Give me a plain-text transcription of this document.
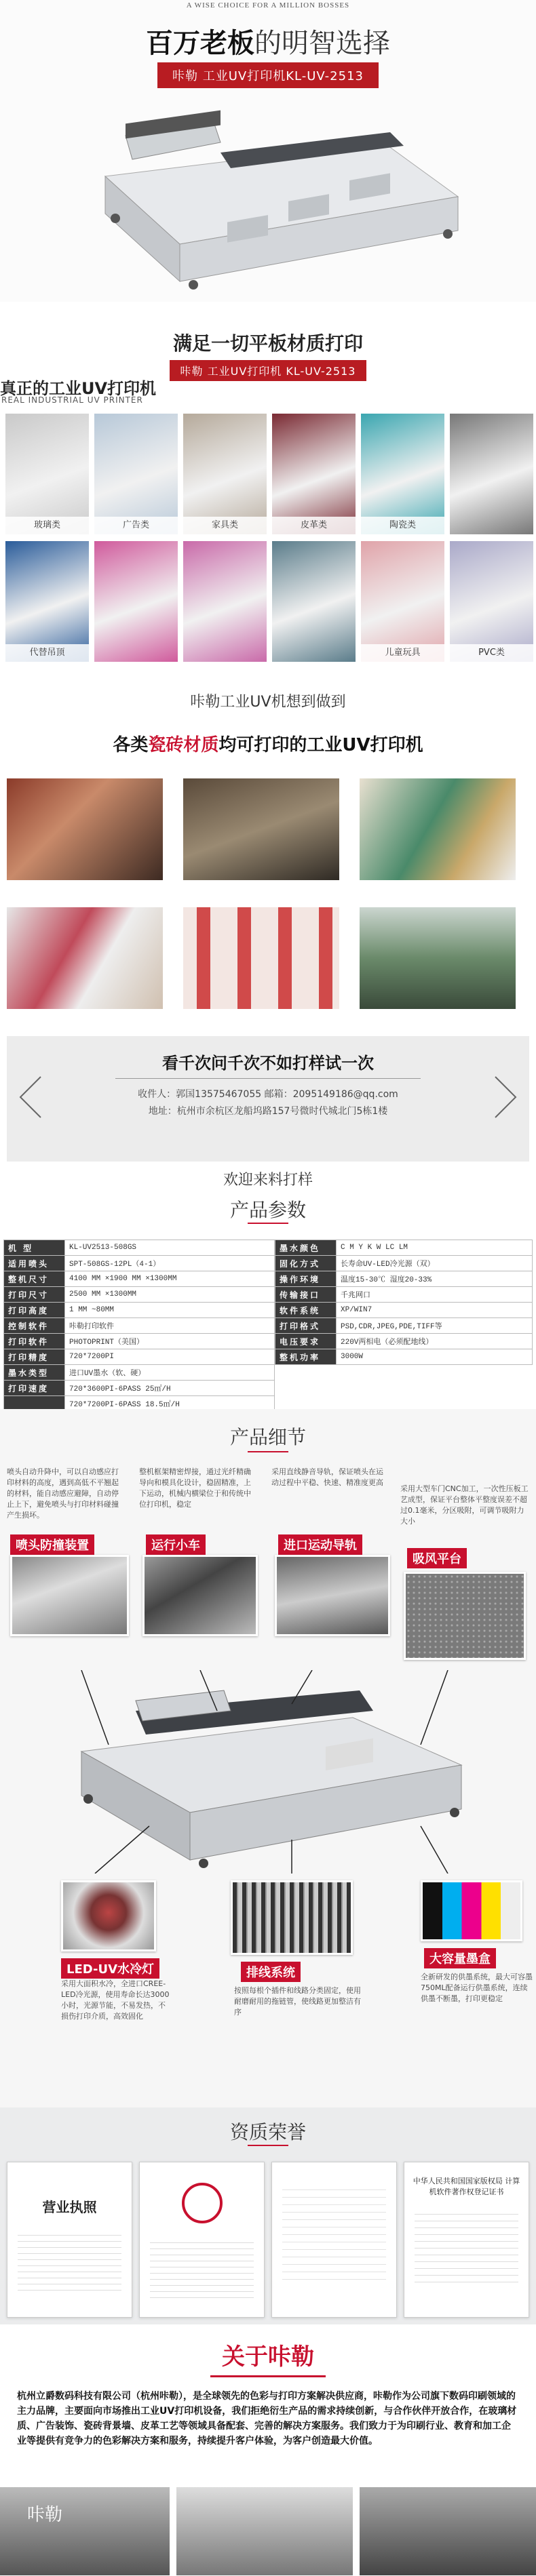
A WISE CHOICE FOR A MILLION BOSSES
百万老板的明智选择
咔勒 工业UV打印机KL-UV-2513
满足一切平板材质打印
咔勒 工业UV打印机 KL-UV-2513
真正的工业UV打印机
REAL INDUSTRIAL UV PRINTER
玻璃类	广告类	家具类	皮革类	陶瓷类
代替吊顶	儿童玩具	PVC类
咔勒工业UV机想到做到
各类瓷砖材质均可打印的工业UV打印机
看千次问千次不如打样试一次
收件人：郭国13575467055 邮箱：2095149186@qq.com
地址：杭州市余杭区龙船坞路157号微时代城北门5栋1楼
欢迎来料打样
产品参数
机 型	KL-UV2513-508GS
适用喷头	SPT-508GS-12PL（4-1）
整机尺寸	4100 MM ×1900 MM ×1300MM
打印尺寸	2500 MM ×1300MM
打印高度	1 MM ~80MM
控制软件	咔勒打印软件
打印软件	PHOTOPRINT（美国）
打印精度	720*7200PI
墨水类型	进口UV墨水（软、硬）
打印速度	720*3600PI-6PASS 25㎡/H
	720*7200PI-6PASS 18.5㎡/H
墨水颜色	C M Y K W LC LM
固化方式	长寿命UV-LED冷光源（双）
操作环境	温度15-30℃ 湿度20-33%
传输接口	千兆网口
软件系统	XP/WIN7
打印格式	PSD,CDR,JPEG,PDE,TIFF等
电压要求	220V两相电（必须配地线）
整机功率	3000W
产品细节
喷头自动升降中，可以自动感应打印材料的高度，遇到高低不平翘起的材料，能自动感应避障，自动停止上下，避免喷头与打印材料碰撞产生损坏。
喷头防撞装置
整机框架精密焊接，通过光纤精确导向和模具化设计，稳固精准，上下运动，机械内横梁位于和传统中位打印机，稳定
运行小车
采用直线静音导轨，保证喷头在运动过程中平稳、快速、精准度更高
进口运动导轨
采用大型车门CNC加工，一次性压板工艺成型，保证平台整体平整度误差不超过0.1毫米，分区吸附，可调节吸附力大小
吸风平台
LED-UV水冷灯
采用大面积水冷，全进口CREE-LED冷光源，使用寿命长达3000小时，光源节能，不易发热，不损伤打印介质，高效固化
排线系统
按照每根个插件和线路分类固定，使用耐磨耐用的拖链管，使线路更加整洁有序
大容量墨盒
全新研发的供墨系统，最大可容墨750ML配备运行供墨系统，连续供墨不断墨，打印更稳定
资质荣誉
营业执照
中华人民共和国国家版权局 计算机软件著作权登记证书
关于咔勒

杭州立爵数码科技有限公司（杭州咔勒），是全球领先的色彩与打印方案解决供应商，咔勒作为公司旗下数码印刷领域的主力品牌，主要面向市场推出工业UV打印机设备，我们拒绝衍生产品的需求持续创新，与合作伙伴开放合作，在玻璃材质、广告装饰、瓷砖背景墙、皮革工艺等领域具备配套、完善的解决方案服务。我们致力于为印刷行业、教育和加工企业等提供有竞争力的色彩解决方案和服务，持续提升客户体验，为客户创造最大价值。

咔勒
